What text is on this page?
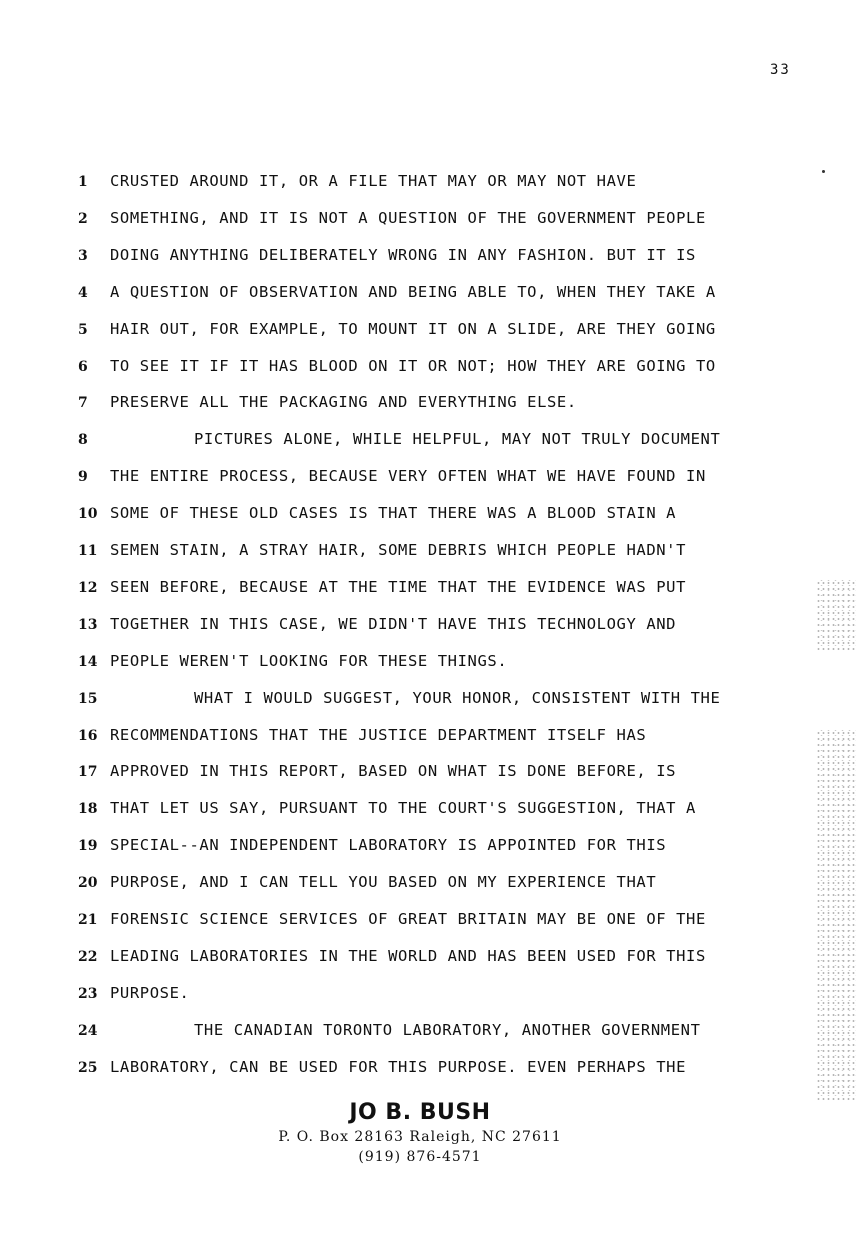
33
1	CRUSTED AROUND IT, OR A FILE THAT MAY OR MAY NOT HAVE
2	SOMETHING, AND IT IS NOT A QUESTION OF THE GOVERNMENT PEOPLE
3	DOING ANYTHING DELIBERATELY WRONG IN ANY FASHION. BUT IT IS
4	A QUESTION OF OBSERVATION AND BEING ABLE TO, WHEN THEY TAKE A
5	HAIR OUT, FOR EXAMPLE, TO MOUNT IT ON A SLIDE, ARE THEY GOING
6	TO SEE IT IF IT HAS BLOOD ON IT OR NOT; HOW THEY ARE GOING TO
7	PRESERVE ALL THE PACKAGING AND EVERYTHING ELSE.
8	PICTURES ALONE, WHILE HELPFUL, MAY NOT TRULY DOCUMENT
9	THE ENTIRE PROCESS, BECAUSE VERY OFTEN WHAT WE HAVE FOUND IN
10 SOME OF THESE OLD CASES IS THAT THERE WAS A BLOOD STAIN A
11 SEMEN STAIN, A STRAY HAIR, SOME DEBRIS WHICH PEOPLE HADN'T
12 SEEN BEFORE, BECAUSE AT THE TIME THAT THE EVIDENCE WAS PUT
13 TOGETHER IN THIS CASE, WE DIDN'T HAVE THIS TECHNOLOGY AND
14 PEOPLE WEREN'T LOOKING FOR THESE THINGS.
15	WHAT I WOULD SUGGEST, YOUR HONOR, CONSISTENT WITH THE
16 RECOMMENDATIONS THAT THE JUSTICE DEPARTMENT ITSELF HAS
17 APPROVED IN THIS REPORT, BASED ON WHAT IS DONE BEFORE, IS
18 THAT LET US SAY, PURSUANT TO THE COURT'S SUGGESTION, THAT A
19 SPECIAL--AN INDEPENDENT LABORATORY IS APPOINTED FOR THIS
20 PURPOSE, AND I CAN TELL YOU BASED ON MY EXPERIENCE THAT
21 FORENSIC SCIENCE SERVICES OF GREAT BRITAIN MAY BE ONE OF THE
22 LEADING LABORATORIES IN THE WORLD AND HAS BEEN USED FOR THIS
23 PURPOSE.
24	THE CANADIAN TORONTO LABORATORY, ANOTHER GOVERNMENT
25 LABORATORY, CAN BE USED FOR THIS PURPOSE. EVEN PERHAPS THE
JO B. BUSH
P. O. Box 28163 Raleigh, NC 27611
(919) 876-4571
